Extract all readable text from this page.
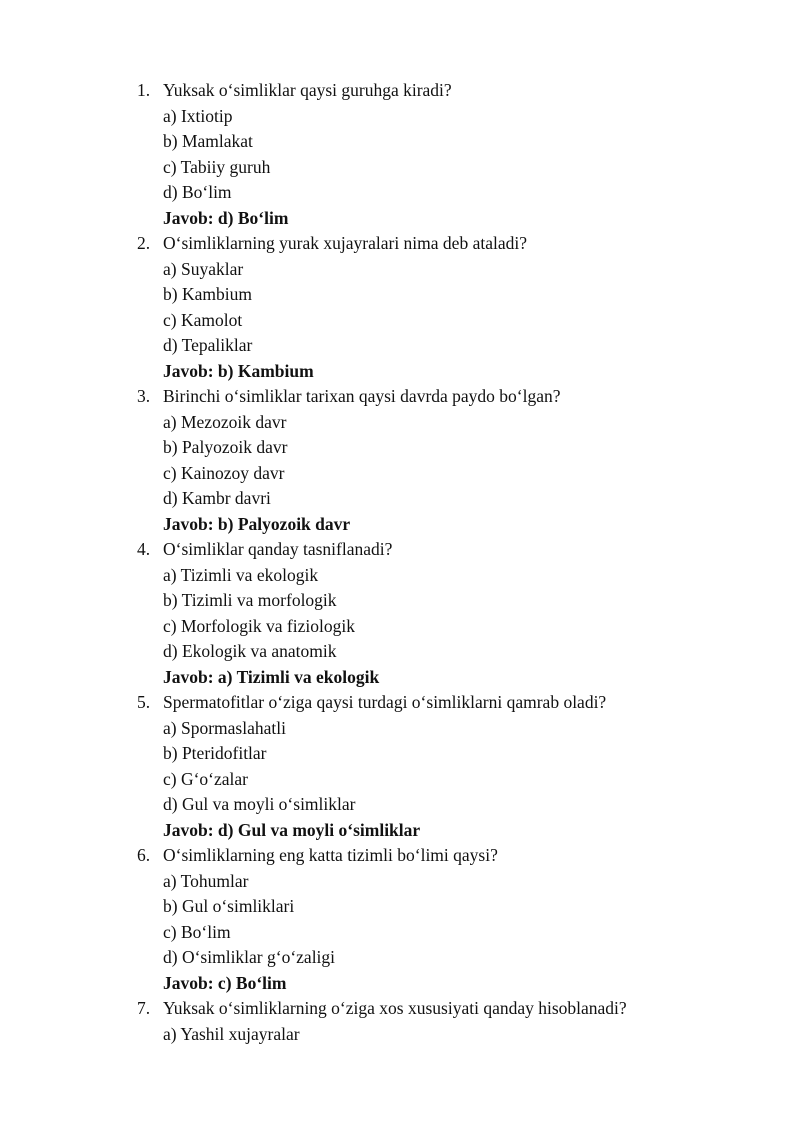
1. Yuksak o‘simliklar qaysi guruhga kiradi?
a) Ixtiotip
b) Mamlakat
c) Tabiiy guruh
d) Bo‘lim
Javob: d) Bo‘lim
2. O‘simliklarning yurak xujayralari nima deb ataladi?
a) Suyaklar
b) Kambium
c) Kamolot
d) Tepaliklar
Javob: b) Kambium
3. Birinchi o‘simliklar tarixan qaysi davrda paydo bo‘lgan?
a) Mezozoik davr
b) Palyozoik davr
c) Kainozoy davr
d) Kambr davri
Javob: b) Palyozoik davr
4. O‘simliklar qanday tasniflanadi?
a) Tizimli va ekologik
b) Tizimli va morfologik
c) Morfologik va fiziologik
d) Ekologik va anatomik
Javob: a) Tizimli va ekologik
5. Spermatofitlar o‘ziga qaysi turdagi o‘simliklarni qamrab oladi?
a) Spormaslahatli
b) Pteridofitlar
c) G‘o‘zalar
d) Gul va moyli o‘simliklar
Javob: d) Gul va moyli o‘simliklar
6. O‘simliklarning eng katta tizimli bo‘limi qaysi?
a) Tohumlar
b) Gul o‘simliklari
c) Bo‘lim
d) O‘simliklar g‘o‘zaligi
Javob: c) Bo‘lim
7. Yuksak o‘simliklarning o‘ziga xos xususiyati qanday hisoblanadi?
a) Yashil xujayralar
